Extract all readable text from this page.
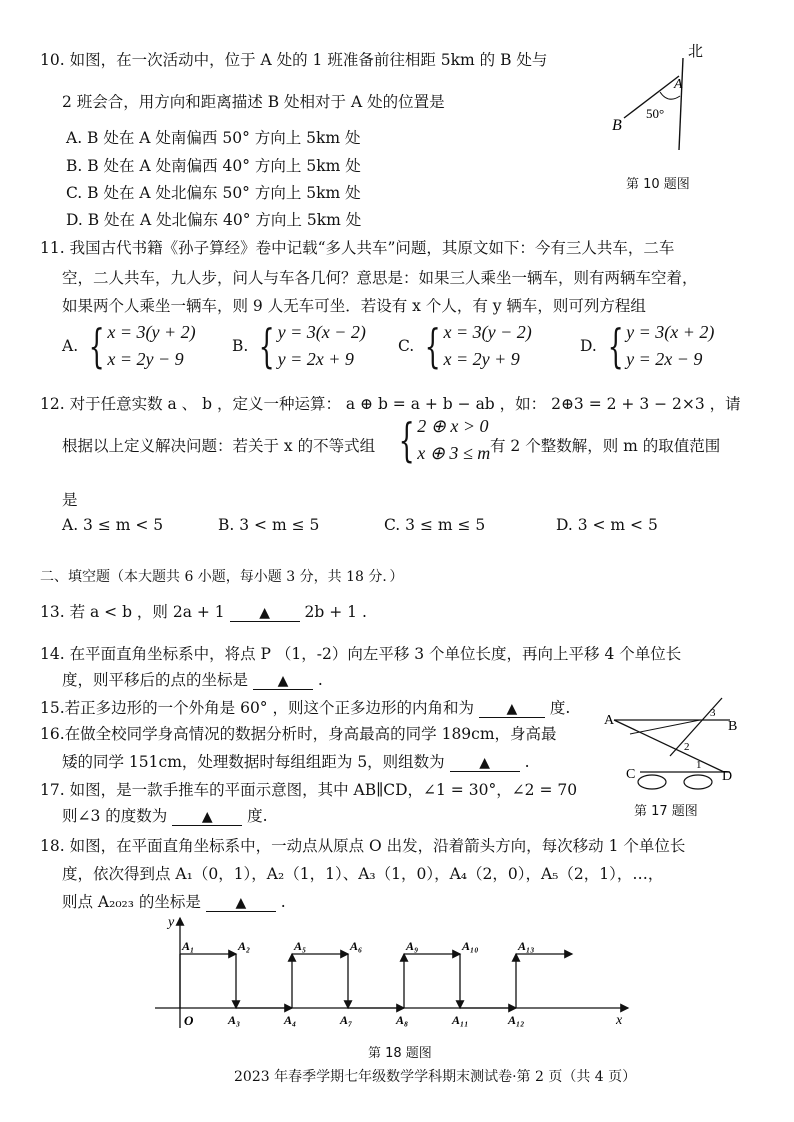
10. 如图，在一次活动中，位于 A 处的 1 班准备前往相距 5km 的 B 处与
2 班会合，用方向和距离描述 B 处相对于 A 处的位置是
A. B 处在 A 处南偏西 50° 方向上 5km 处
B. B 处在 A 处南偏西 40° 方向上 5km 处
C. B 处在 A 处北偏东 50° 方向上 5km 处
D. B 处在 A 处北偏东 40° 方向上 5km 处
北
A
B
50°
第 10 题图
11. 我国古代书籍《孙子算经》卷中记载“多人共车”问题，其原文如下：今有三人共车，二车
空，二人共车，九人步，问人与车各几何？意思是：如果三人乘坐一辆车，则有两辆车空着，
如果两个人乘坐一辆车，则 9 人无车可坐．若设有 x 个人，有 y 辆车，则可列方程组
A. { x = 3(y + 2)
x = 2y − 9
B. { y = 3(x − 2)
y = 2x + 9
C. { x = 3(y − 2)
x = 2y + 9
D. { y = 3(x + 2)
y = 2x − 9
12. 对于任意实数 a 、 b ，定义一种运算： a ⊕ b = a + b − ab ，如： 2⊕3 = 2 + 3 − 2×3 ，请
根据以上定义解决问题：若关于 x 的不等式组 { 2 ⊕ x > 0
x ⊕ 3 ≤ m 有 2 个整数解，则 m 的取值范围
是
A. 3 ≤ m < 5	B. 3 < m ≤ 5	C. 3 ≤ m ≤ 5	D. 3 < m < 5
二、填空题（本大题共 6 小题，每小题 3 分，共 18 分．）
13. 若 a < b ，则 2a + 1 ▲ 2b + 1 .
14. 在平面直角坐标系中，将点 P （1，-2）向左平移 3 个单位长度，再向上平移 4 个单位长
度，则平移后的点的坐标是 ▲ .
15.若正多边形的一个外角是 60° ，则这个正多边形的内角和为 ▲ 度.
16.在做全校同学身高情况的数据分析时，身高最高的同学 189cm，身高最
矮的同学 151cm，处理数据时每组组距为 5，则组数为 ▲ .
17. 如图，是一款手推车的平面示意图，其中 AB∥CD，∠1 = 30°，∠2 = 70
则∠3 的度数为 ▲ 度.
A	B
C	D
1
2
3
第 17 题图
18. 如图，在平面直角坐标系中，一动点从原点 O 出发，沿着箭头方向，每次移动 1 个单位长
度，依次得到点 A₁（0，1），A₂（1，1）、A₃（1，0），A₄（2，0），A₅（2，1），…，
则点 A₂₀₂₃ 的坐标是 ▲ .
y
x
O
A₁	A₂	A₅	A₆	A₉	A₁₀	A₁₃
A₃	A₄	A₇	A₈	A₁₁	A₁₂
第 18 题图
2023 年春季学期七年级数学学科期末测试卷·第 2 页（共 4 页）
